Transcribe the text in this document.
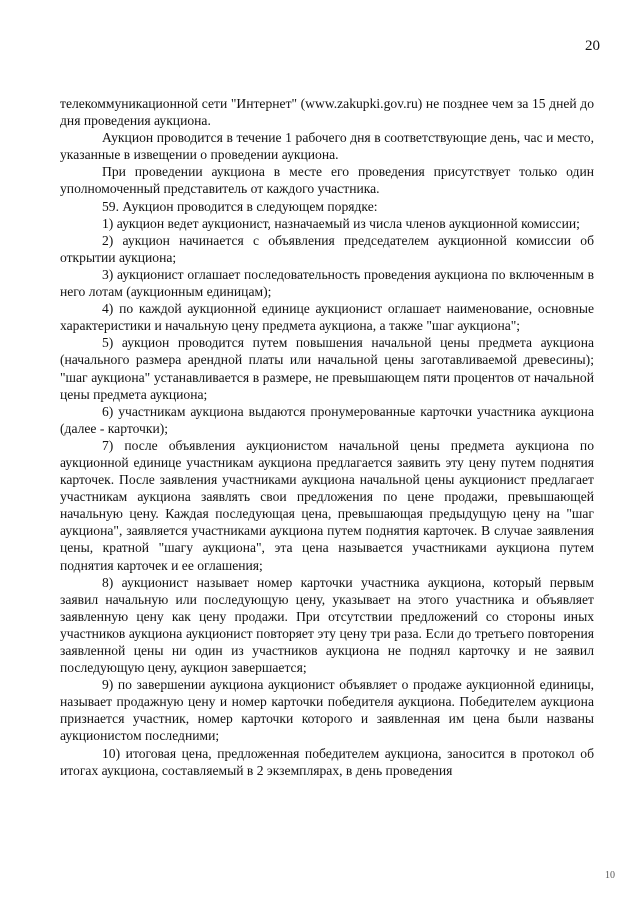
20

телекоммуникационной сети "Интернет" (www.zakupki.gov.ru) не позднее чем за 15 дней до дня проведения аукциона.

Аукцион проводится в течение 1 рабочего дня в соответствующие день, час и место, указанные в извещении о проведении аукциона.

При проведении аукциона в месте его проведения присутствует только один уполномоченный представитель от каждого участника.

59. Аукцион проводится в следующем порядке:

1) аукцион ведет аукционист, назначаемый из числа членов аукционной комиссии;

2) аукцион начинается с объявления председателем аукционной комиссии об открытии аукциона;

3) аукционист оглашает последовательность проведения аукциона по включенным в него лотам (аукционным единицам);

4) по каждой аукционной единице аукционист оглашает наименование, основные характеристики и начальную цену предмета аукциона, а также "шаг аукциона";

5) аукцион проводится путем повышения начальной цены предмета аукциона (начального размера арендной платы или начальной цены заготавливаемой древесины); "шаг аукциона" устанавливается в размере, не превышающем пяти процентов от начальной цены предмета аукциона;

6) участникам аукциона выдаются пронумерованные карточки участника аукциона (далее - карточки);

7) после объявления аукционистом начальной цены предмета аукциона по аукционной единице участникам аукциона предлагается заявить эту цену путем поднятия карточек. После заявления участниками аукциона начальной цены аукционист предлагает участникам аукциона заявлять свои предложения по цене продажи, превышающей начальную цену. Каждая последующая цена, превышающая предыдущую цену на "шаг аукциона", заявляется участниками аукциона путем поднятия карточек. В случае заявления цены, кратной "шагу аукциона", эта цена называется участниками аукциона путем поднятия карточек и ее оглашения;

8) аукционист называет номер карточки участника аукциона, который первым заявил начальную или последующую цену, указывает на этого участника и объявляет заявленную цену как цену продажи. При отсутствии предложений со стороны иных участников аукциона аукционист повторяет эту цену три раза. Если до третьего повторения заявленной цены ни один из участников аукциона не поднял карточку и не заявил последующую цену, аукцион завершается;

9) по завершении аукциона аукционист объявляет о продаже аукционной единицы, называет продажную цену и номер карточки победителя аукциона. Победителем аукциона признается участник, номер карточки которого и заявленная им цена были названы аукционистом последними;

10) итоговая цена, предложенная победителем аукциона, заносится в протокол об итогах аукциона, составляемый в 2 экземплярах, в день проведения

10
